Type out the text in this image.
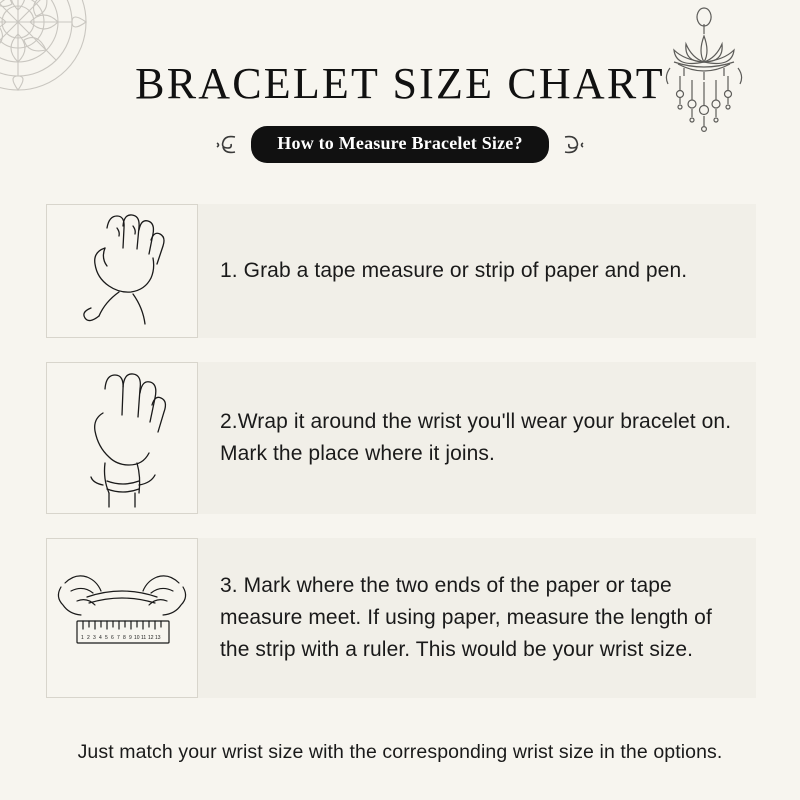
BRACELET SIZE CHART
How to Measure Bracelet Size?
1. Grab a tape measure or strip of paper and pen.
2.Wrap it around the wrist you'll wear your bracelet on. Mark the place where it joins.
1 2 3 4 5 6 7 8 9 10 11 12 13
3. Mark where the two ends of the paper or tape measure meet. If using paper, measure the length of the strip with a ruler. This would be your wrist size.
Just match your wrist size with the corresponding wrist size in the options.
